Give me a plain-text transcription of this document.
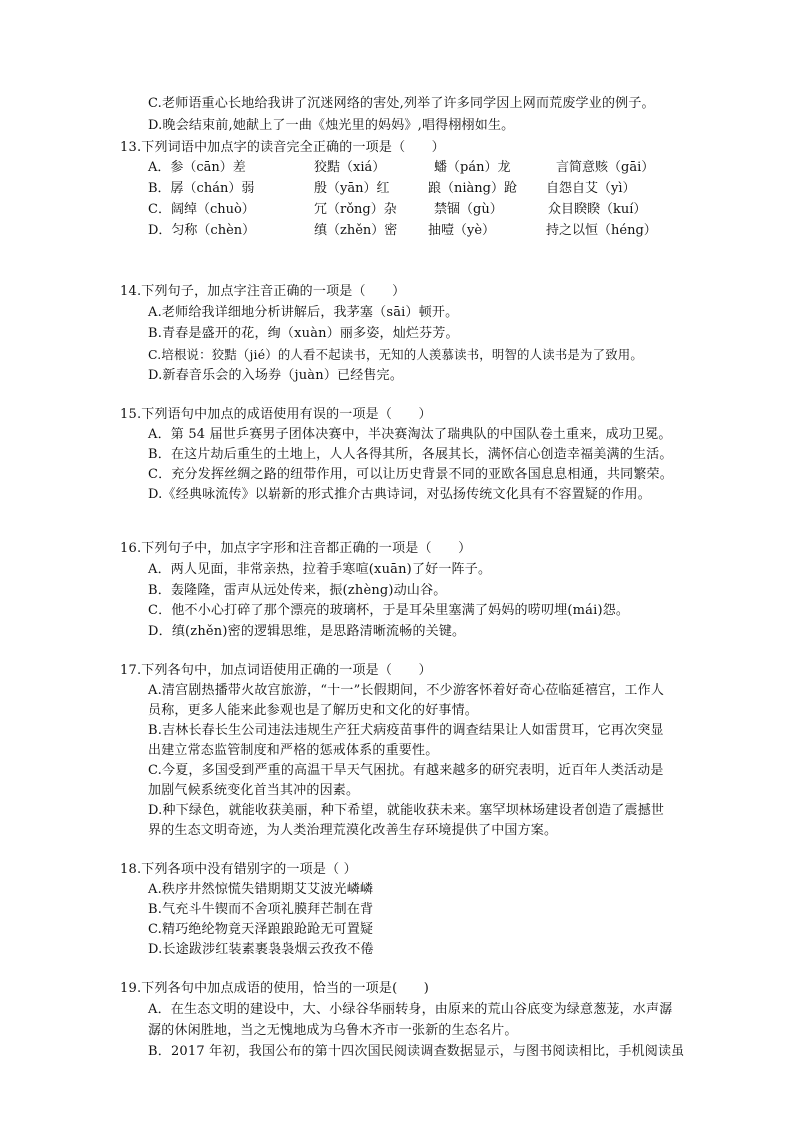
C.老师语重心长地给我讲了沉迷网络的害处,列举了许多同学因上网而荒废学业的例子。
D.晚会结束前,她献上了一曲《烛光里的妈妈》,唱得栩栩如生。
13.下列词语中加点字的读音完全正确的一项是（　　）
A．参（cān）差	狡黠（xiá）	蟠（pán）龙	言简意赅（gāi）
B．孱（chán）弱	殷（yān）红	踉（niàng）跄 自怨自艾（yì）
C．阔绰（chuò）	冗（rǒng）杂	禁锢（gù）	众目睽睽（kuí）
D．匀称（chèn）	缜（zhěn）密 抽噎（yè）	持之以恒（héng）
14.下列句子，加点字注音正确的一项是（　　）
A.老师给我详细地分析讲解后，我茅塞（sāi）顿开。
B.青春是盛开的花，绚（xuàn）丽多姿，灿烂芬芳。
C.培根说：狡黠（jié）的人看不起读书，无知的人羡慕读书，明智的人读书是为了致用。
D.新春音乐会的入场券（juàn）已经售完。
15.下列语句中加点的成语使用有误的一项是（　　）
A．第 54 届世乒赛男子团体决赛中，半决赛淘汰了瑞典队的中国队卷土重来，成功卫冕。
B．在这片劫后重生的土地上，人人各得其所，各展其长，满怀信心创造幸福美满的生活。
C．充分发挥丝绸之路的纽带作用，可以让历史背景不同的亚欧各国息息相通，共同繁荣。
D.《经典咏流传》以崭新的形式推介古典诗词，对弘扬传统文化具有不容置疑的作用。
16.下列句子中，加点字字形和注音都正确的一项是（　　）
A．两人见面，非常亲热，拉着手寒喧(xuān)了好一阵子。
B．轰隆隆，雷声从远处传来，振(zhèng)动山谷。
C．他不小心打碎了那个漂亮的玻璃杯，于是耳朵里塞满了妈妈的唠叨埋(mái)怨。
D．缜(zhěn)密的逻辑思维，是思路清晰流畅的关键。
17.下列各句中，加点词语使用正确的一项是（　　）
A.清宫剧热播带火故宫旅游，“十一”长假期间，不少游客怀着好奇心莅临延禧宫，工作人
员称，更多人能来此参观也是了解历史和文化的好事情。
B.吉林长春长生公司违法违规生产狂犬病疫苗事件的调查结果让人如雷贯耳，它再次突显
出建立常态监管制度和严格的惩戒体系的重要性。
C.今夏，多国受到严重的高温干旱天气困扰。有越来越多的研究表明，近百年人类活动是
加剧气候系统变化首当其冲的因素。
D.种下绿色，就能收获美丽，种下希望，就能收获未来。塞罕坝林场建设者创造了震撼世
界的生态文明奇迹，为人类治理荒漠化改善生存环境提供了中国方案。
18.下列各项中没有错别字的一项是（ ）
A.秩序井然惊慌失错期期艾艾波光嶙嶙
B.气充斗牛锲而不舍项礼膜拜芒制在背
C.精巧绝纶物竟天泽踉踉跄跄无可置疑
D.长途跋涉红装素裹袅袅烟云孜孜不倦
19.下列各句中加点成语的使用，恰当的一项是(　　)
A．在生态文明的建设中，大、小绿谷华丽转身，由原来的荒山谷底变为绿意葱茏，水声潺
潺的休闲胜地，当之无愧地成为乌鲁木齐市一张新的生态名片。
B．2017 年初，我国公布的第十四次国民阅读调查数据显示，与图书阅读相比，手机阅读虽
